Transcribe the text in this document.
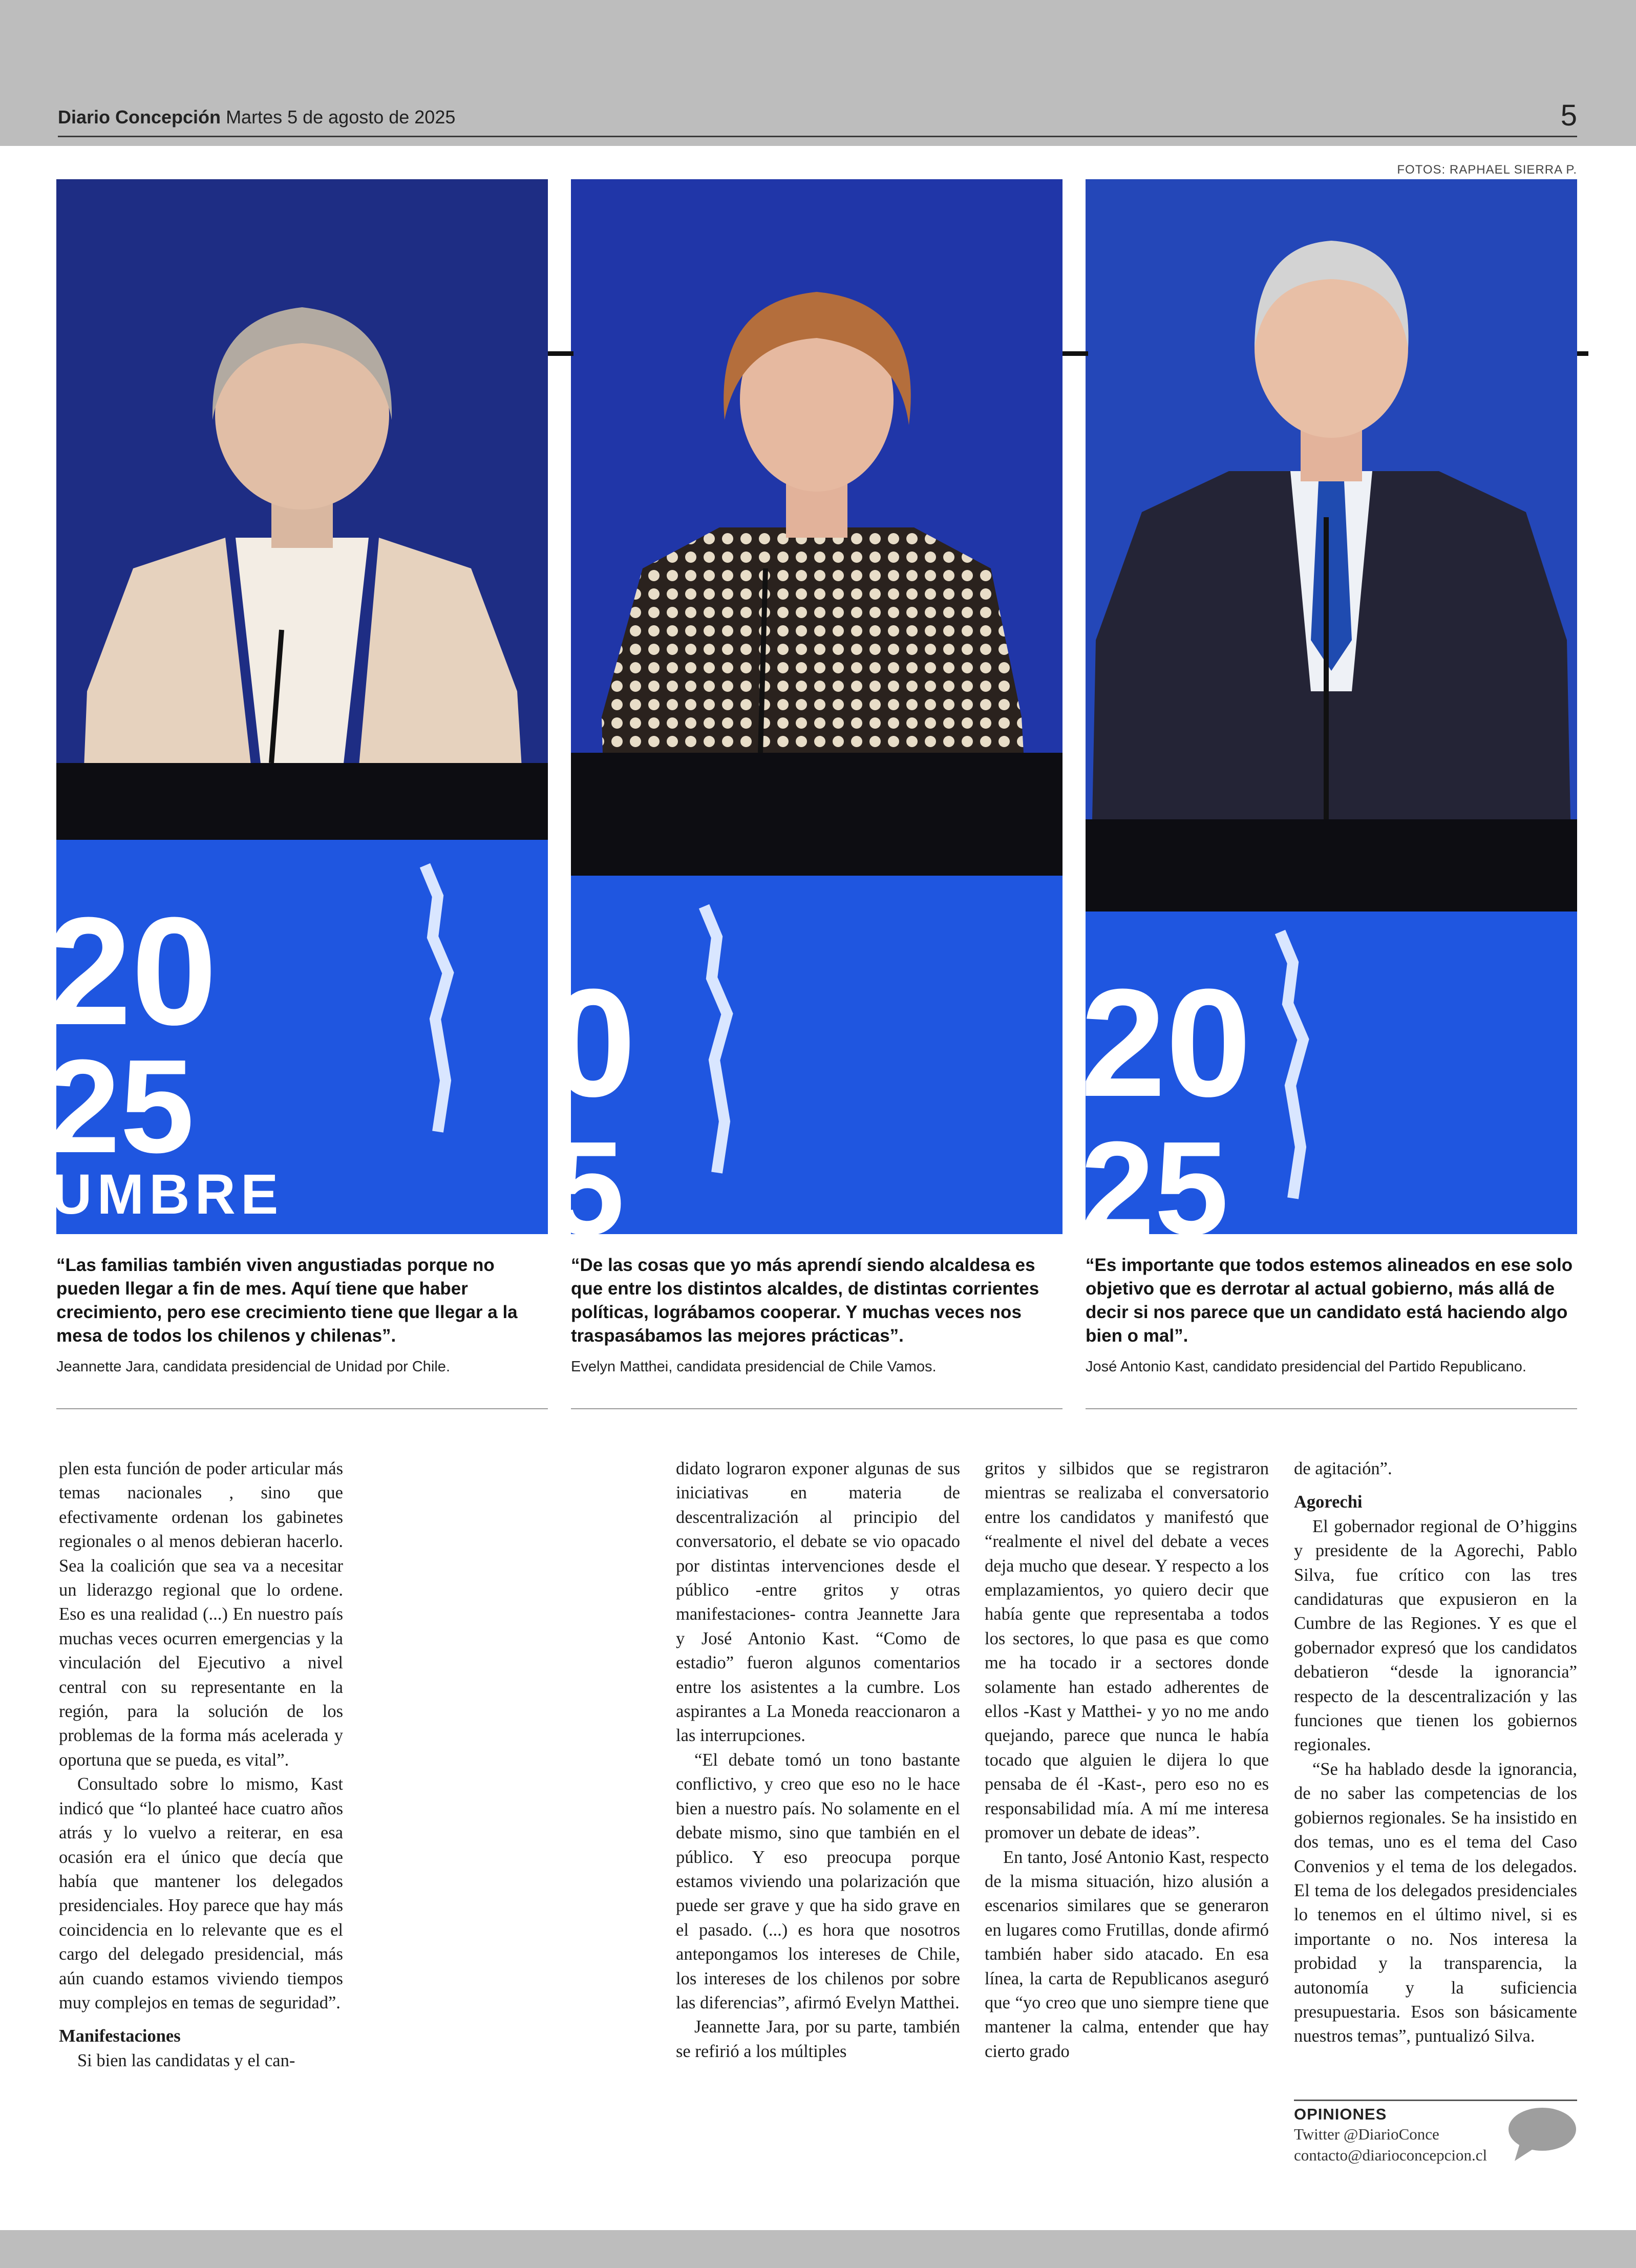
Diario Concepción Martes 5 de agosto de 2025	5
FOTOS: RAPHAEL SIERRA P.
20
25
UMBRE
0
5
20
25

“Las familias también viven angustiadas porque no pueden llegar a fin de mes. Aquí tiene que haber crecimiento, pero ese crecimiento tiene que llegar a la mesa de todos los chilenos y chilenas”.

Jeannette Jara, candidata presidencial de Unidad por Chile.

“De las cosas que yo más aprendí siendo alcaldesa es que entre los distintos alcaldes, de distintas corrientes políticas, lográbamos cooperar. Y muchas veces nos traspasábamos las mejores prácticas”.

Evelyn Matthei, candidata presidencial de Chile Vamos.

“Es importante que todos estemos alineados en ese solo objetivo que es derrotar al actual gobierno, más allá de decir si nos parece que un candidato está haciendo algo bien o mal”.

José Antonio Kast, candidato presidencial del Partido Republicano.

plen esta función de poder articular más temas nacionales , sino que efectivamente ordenan los gabinetes regionales o al menos debieran hacerlo. Sea la coalición que sea va a necesitar un liderazgo regional que lo ordene. Eso es una realidad (...) En nuestro país muchas veces ocurren emergencias y la vinculación del Ejecutivo a nivel central con su representante en la región, para la solución de los problemas de la forma más acelerada y oportuna que se pueda, es vital”.

Consultado sobre lo mismo, Kast indicó que “lo planteé hace cuatro años atrás y lo vuelvo a reiterar, en esa ocasión era el único que decía que había que mantener los delegados presidenciales. Hoy parece que hay más coincidencia en lo relevante que es el cargo del delegado presidencial, más aún cuando estamos viviendo tiempos muy complejos en temas de seguridad”.

Manifestaciones

Si bien las candidatas y el can-

didato lograron exponer algunas de sus iniciativas en materia de descentralización al principio del conversatorio, el debate se vio opacado por distintas intervenciones desde el público -entre gritos y otras manifestaciones- contra Jeannette Jara y José Antonio Kast. “Como de estadio” fueron algunos comentarios entre los asistentes a la cumbre. Los aspirantes a La Moneda reaccionaron a las interrupciones.

“El debate tomó un tono bastante conflictivo, y creo que eso no le hace bien a nuestro país. No solamente en el debate mismo, sino que también en el público. Y eso preocupa porque estamos viviendo una polarización que puede ser grave y que ha sido grave en el pasado. (...) es hora que nosotros antepongamos los intereses de Chile, los intereses de los chilenos por sobre las diferencias”, afirmó Evelyn Matthei.

Jeannette Jara, por su parte, también se refirió a los múltiples

gritos y silbidos que se registraron mientras se realizaba el conversatorio entre los candidatos y manifestó que “realmente el nivel del debate a veces deja mucho que desear. Y respecto a los emplazamientos, yo quiero decir que había gente que representaba a todos los sectores, lo que pasa es que como me ha tocado ir a sectores donde solamente han estado adherentes de ellos -Kast y Matthei- y yo no me ando quejando, parece que nunca le había tocado que alguien le dijera lo que pensaba de él -Kast-, pero eso no es responsabilidad mía. A mí me interesa promover un debate de ideas”.

En tanto, José Antonio Kast, respecto de la misma situación, hizo alusión a escenarios similares que se generaron en lugares como Frutillas, donde afirmó también haber sido atacado. En esa línea, la carta de Republicanos aseguró que “yo creo que uno siempre tiene que mantener la calma, entender que hay cierto grado

de agitación”.

Agorechi

El gobernador regional de O’higgins y presidente de la Agorechi, Pablo Silva, fue crítico con las tres candidaturas que expusieron en la Cumbre de las Regiones. Y es que el gobernador expresó que los candidatos debatieron “desde la ignorancia” respecto de la descentralización y las funciones que tienen los gobiernos regionales.

“Se ha hablado desde la ignorancia, de no saber las competencias de los gobiernos regionales. Se ha insistido en dos temas, uno es el tema del Caso Convenios y el tema de los delegados. El tema de los delegados presidenciales lo tenemos en el último nivel, si es importante o no. Nos interesa la probidad y la transparencia, la autonomía y la suficiencia presupuestaria. Esos son básicamente nuestros temas”, puntualizó Silva.

OPINIONES
Twitter @DiarioConce
contacto@diarioconcepcion.cl
